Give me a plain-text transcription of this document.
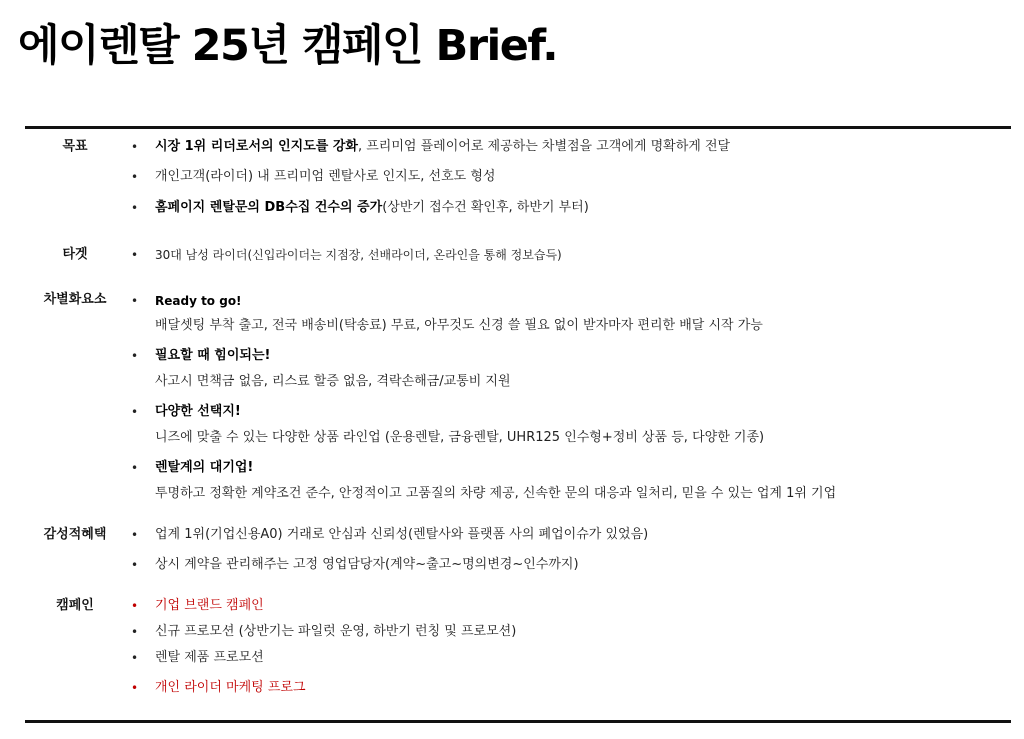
에이렌탈 25년 캠페인 Brief.
목표	• 시장 1위 리더로서의 인지도를 강화, 프리미엄 플레이어로 제공하는 차별점을 고객에게 명확하게 전달
• 개인고객(라이더) 내 프리미엄 렌탈사로 인지도, 선호도 형성
• 홈페이지 렌탈문의 DB수집 건수의 증가(상반기 접수건 확인후, 하반기 부터)
타겟	• 30대 남성 라이더(신입라이더는 지점장, 선배라이더, 온라인을 통해 정보습득)
차별화요소	• Ready to go!
배달셋팅 부착 출고, 전국 배송비(탁송료) 무료, 아무것도 신경 쓸 필요 없이 받자마자 편리한 배달 시작 가능
• 필요할 때 힘이되는!
사고시 면책금 없음, 리스료 할증 없음, 격락손해금/교통비 지원
• 다양한 선택지!
니즈에 맞출 수 있는 다양한 상품 라인업 (운용렌탈, 금융렌탈, UHR125 인수형+정비 상품 등, 다양한 기종)
• 렌탈계의 대기업!
투명하고 정확한 계약조건 준수, 안정적이고 고품질의 차량 제공, 신속한 문의 대응과 일처리, 믿을 수 있는 업계 1위 기업
감성적혜택	• 업계 1위(기업신용A0) 거래로 안심과 신뢰성(렌탈사와 플랫폼 사의 폐업이슈가 있었음)
• 상시 계약을 관리해주는 고정 영업담당자(계약~출고~명의변경~인수까지)
캠페인	• 기업 브랜드 캠페인
• 신규 프로모션 (상반기는 파일럿 운영, 하반기 런칭 및 프로모션)
• 렌탈 제품 프로모션
• 개인 라이더 마케팅 프로그
